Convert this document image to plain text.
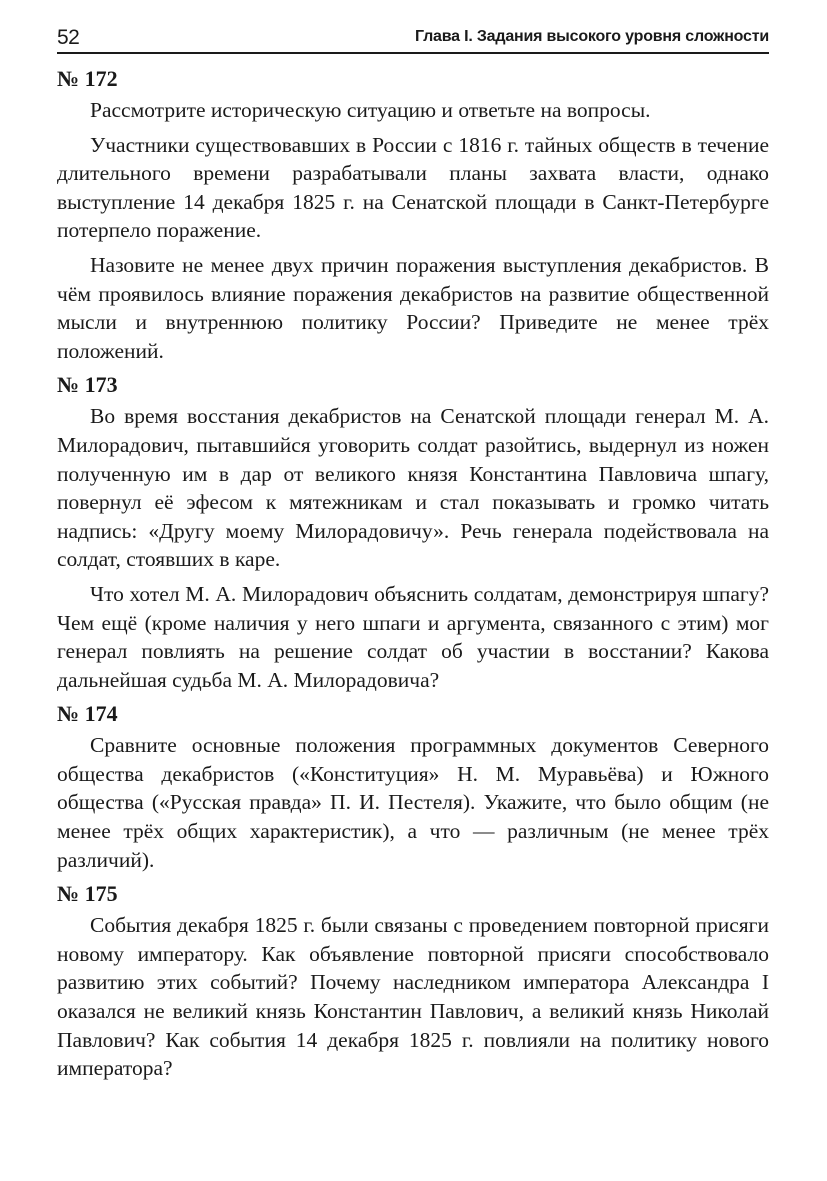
52	Глава I. Задания высокого уровня сложности
№ 172

Рассмотрите историческую ситуацию и ответьте на вопросы.

Участники существовавших в России с 1816 г. тайных обществ в течение длительного времени разрабатывали планы захвата власти, однако выступление 14 декабря 1825 г. на Сенатской площади в Санкт-Петербурге потерпело поражение.

Назовите не менее двух причин поражения выступления декабристов. В чём проявилось влияние поражения декабристов на развитие общественной мысли и внутреннюю политику России? Приведите не менее трёх положений.

№ 173

Во время восстания декабристов на Сенатской площади генерал М. А. Милорадович, пытавшийся уговорить солдат разойтись, выдернул из ножен полученную им в дар от великого князя Константина Павловича шпагу, повернул её эфесом к мятежникам и стал показывать и громко читать надпись: «Другу моему Милорадовичу». Речь генерала подействовала на солдат, стоявших в каре.

Что хотел М. А. Милорадович объяснить солдатам, демонстрируя шпагу? Чем ещё (кроме наличия у него шпаги и аргумента, связанного с этим) мог генерал повлиять на решение солдат об участии в восстании? Какова дальнейшая судьба М. А. Милорадовича?

№ 174

Сравните основные положения программных документов Северного общества декабристов («Конституция» Н. М. Муравьёва) и Южного общества («Русская правда» П. И. Пестеля). Укажите, что было общим (не менее трёх общих характеристик), а что — различным (не менее трёх различий).

№ 175

События декабря 1825 г. были связаны с проведением повторной присяги новому императору. Как объявление повторной присяги способствовало развитию этих событий? Почему наследником императора Александра I оказался не великий князь Константин Павлович, а великий князь Николай Павлович? Как события 14 декабря 1825 г. повлияли на политику нового императора?
